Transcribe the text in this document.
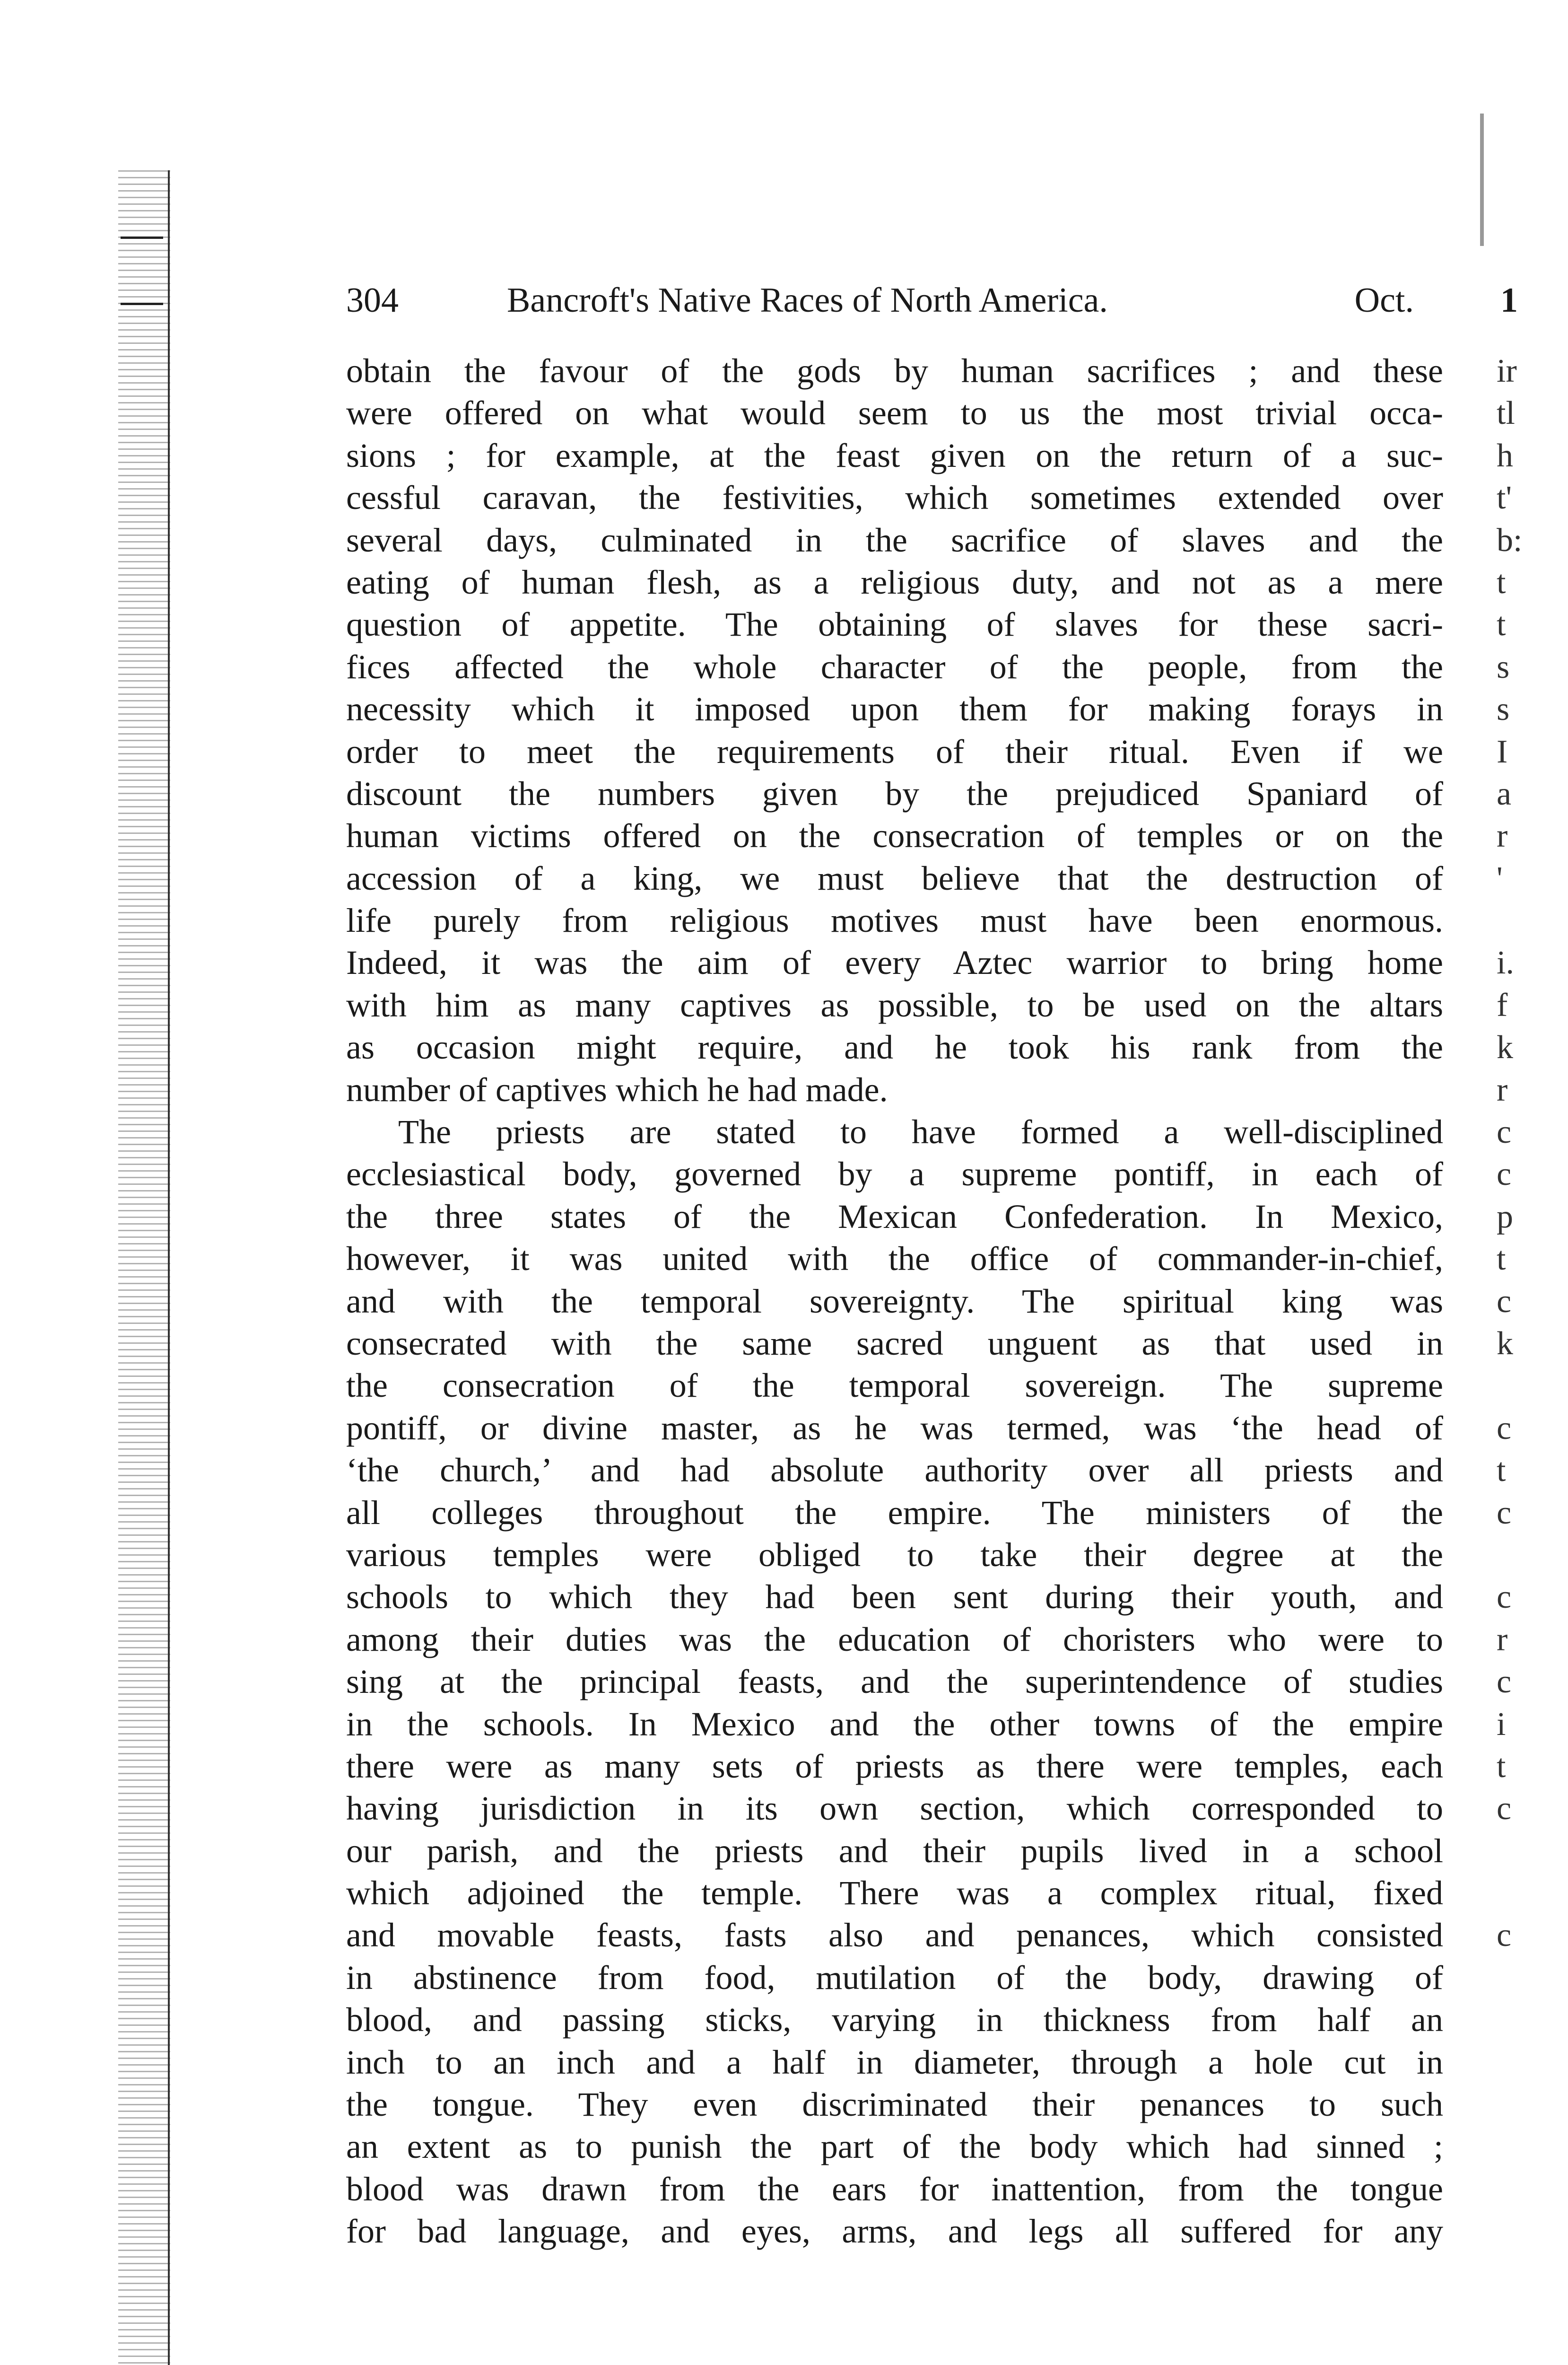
304	Bancroft's Native Races of North America.	Oct. 1
obtain the favour of the gods by human sacrifices ; and these
were offered on what would seem to us the most trivial occa-
sions ; for example, at the feast given on the return of a suc-
cessful caravan, the festivities, which sometimes extended over
several days, culminated in the sacrifice of slaves and the
eating of human flesh, as a religious duty, and not as a mere
question of appetite. The obtaining of slaves for these sacri-
fices affected the whole character of the people, from the
necessity which it imposed upon them for making forays in
order to meet the requirements of their ritual. Even if we
discount the numbers given by the prejudiced Spaniard of
human victims offered on the consecration of temples or on the
accession of a king, we must believe that the destruction of
life purely from religious motives must have been enormous.
Indeed, it was the aim of every Aztec warrior to bring home
with him as many captives as possible, to be used on the altars
as occasion might require, and he took his rank from the
number of captives which he had made.
The priests are stated to have formed a well-disciplined
ecclesiastical body, governed by a supreme pontiff, in each of
the three states of the Mexican Confederation. In Mexico,
however, it was united with the office of commander-in-chief,
and with the temporal sovereignty. The spiritual king was
consecrated with the same sacred unguent as that used in
the consecration of the temporal sovereign. The supreme
pontiff, or divine master, as he was termed, was ‘the head of
‘the church,’ and had absolute authority over all priests and
all colleges throughout the empire. The ministers of the
various temples were obliged to take their degree at the
schools to which they had been sent during their youth, and
among their duties was the education of choristers who were to
sing at the principal feasts, and the superintendence of studies
in the schools. In Mexico and the other towns of the empire
there were as many sets of priests as there were temples, each
having jurisdiction in its own section, which corresponded to
our parish, and the priests and their pupils lived in a school
which adjoined the temple. There was a complex ritual, fixed
and movable feasts, fasts also and penances, which consisted
in abstinence from food, mutilation of the body, drawing of
blood, and passing sticks, varying in thickness from half an
inch to an inch and a half in diameter, through a hole cut in
the tongue. They even discriminated their penances to such
an extent as to punish the part of the body which had sinned ;
blood was drawn from the ears for inattention, from the tongue
for bad language, and eyes, arms, and legs all suffered for any
ir
tl
h
t'
b:
t
t
s
s
I
a
r
'
i.
f
k
r
c
c
p
t
c
k
c
t
c
c
r
c
i
t
c
c
